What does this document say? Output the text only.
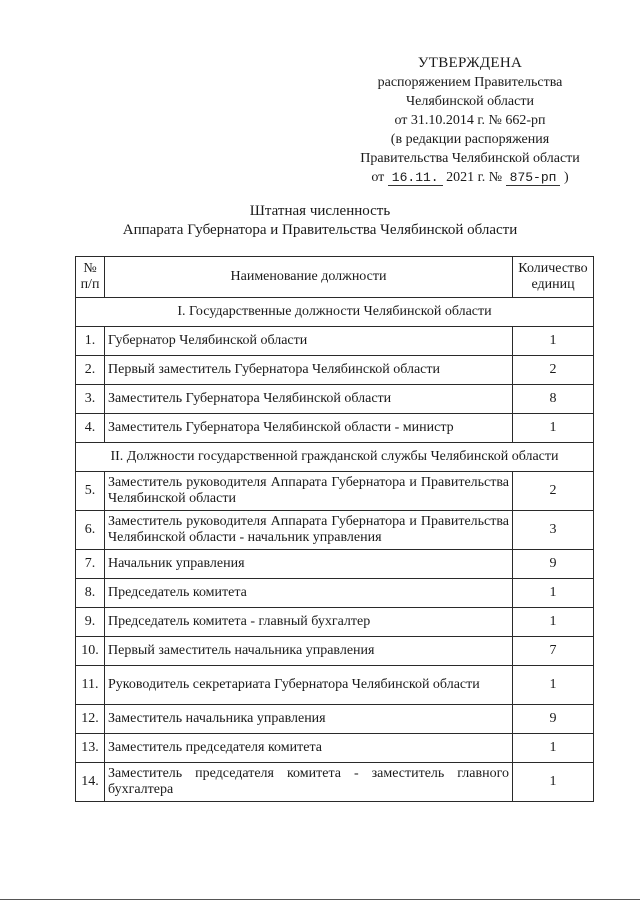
УТВЕРЖДЕНА
распоряжением Правительства
Челябинской области
от 31.10.2014 г. № 662-рп
(в редакции распоряжения
Правительства Челябинской области
от 16.11. 2021 г. № 875-рп )
Штатная численность
Аппарата Губернатора и Правительства Челябинской области
№ п/п	Наименование должности	Количество единиц
I. Государственные должности Челябинской области		
1.	Губернатор Челябинской области	1
2.	Первый заместитель Губернатора Челябинской области	2
3.	Заместитель Губернатора Челябинской области	8
4.	Заместитель Губернатора Челябинской области - министр	1
II. Должности государственной гражданской службы Челябинской области		
5.	Заместитель руководителя Аппарата Губернатора и Правительства Челябинской области	2
6.	Заместитель руководителя Аппарата Губернатора и Правительства Челябинской области - начальник управления	3
7.	Начальник управления	9
8.	Председатель комитета	1
9.	Председатель комитета - главный бухгалтер	1
10.	Первый заместитель начальника управления	7
11.	Руководитель секретариата Губернатора Челябинской области	1
12.	Заместитель начальника управления	9
13.	Заместитель председателя комитета	1
14.	Заместитель председателя комитета - заместитель главного бухгалтера	1
